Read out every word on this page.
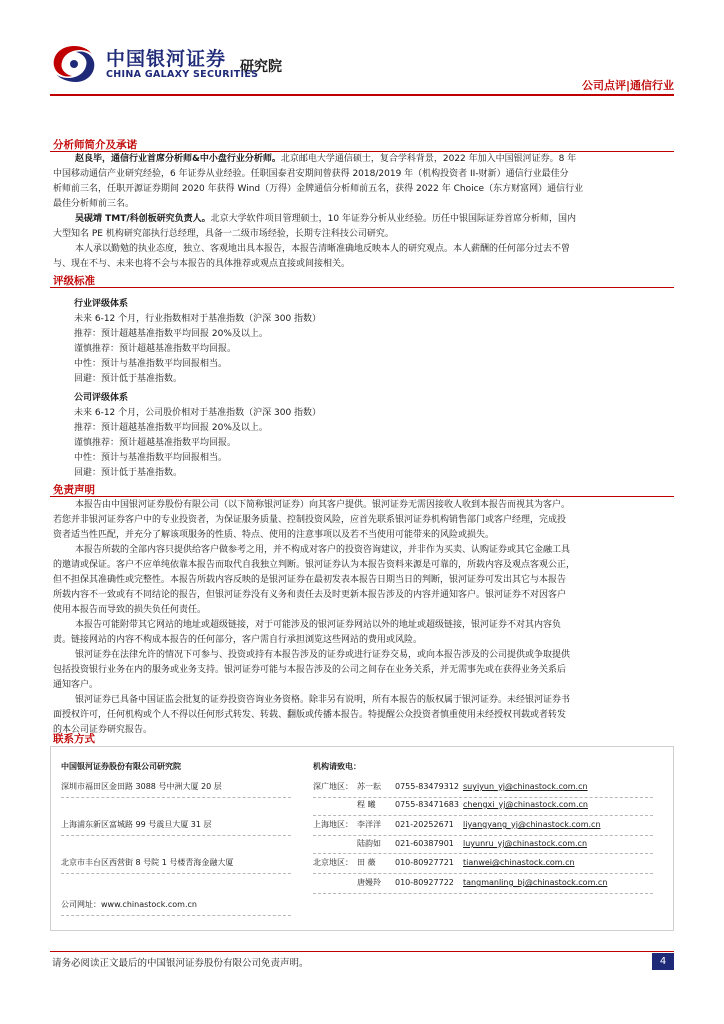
中国银河证券
CHINA GALAXY SECURITIES
研究院
公司点评|通信行业
分析师简介及承诺
赵良毕，通信行业首席分析师&中小盘行业分析师。北京邮电大学通信硕士，复合学科背景，2022 年加入中国银河证券。8 年
中国移动通信产业研究经验，6 年证券从业经验。任职国泰君安期间曾获得 2018/2019 年（机构投资者 II-财新）通信行业最佳分
析师前三名，任职开源证券期间 2020 年获得 Wind（万得）金牌通信分析师前五名，获得 2022 年 Choice（东方财富网）通信行业
最佳分析师前三名。
吴砚靖 TMT/科创板研究负责人。北京大学软件项目管理硕士，10 年证券分析从业经验。历任中银国际证券首席分析师，国内
大型知名 PE 机构研究部执行总经理，具备一二级市场经验，长期专注科技公司研究。
本人承以勤勉的执业态度，独立、客观地出具本报告，本报告清晰准确地反映本人的研究观点。本人薪酬的任何部分过去不曾
与、现在不与、未来也将不会与本报告的具体推荐或观点直接或间接相关。
评级标准
行业评级体系
未来 6-12 个月，行业指数相对于基准指数（沪深 300 指数）
推荐：预计超越基准指数平均回报 20%及以上。
谨慎推荐：预计超越基准指数平均回报。
中性：预计与基准指数平均回报相当。
回避：预计低于基准指数。
公司评级体系
未来 6-12 个月，公司股价相对于基准指数（沪深 300 指数）
推荐：预计超越基准指数平均回报 20%及以上。
谨慎推荐：预计超越基准指数平均回报。
中性：预计与基准指数平均回报相当。
回避：预计低于基准指数。
免责声明
本报告由中国银河证券股份有限公司（以下简称银河证券）向其客户提供。银河证券无需因接收人收到本报告而视其为客户。
若您并非银河证券客户中的专业投资者，为保证服务质量、控制投资风险，应首先联系银河证券机构销售部门或客户经理，完成投
资者适当性匹配，并充分了解该项服务的性质、特点、使用的注意事项以及若不当使用可能带来的风险或损失。
本报告所载的全部内容只提供给客户做参考之用，并不构成对客户的投资咨询建议，并非作为买卖、认购证券或其它金融工具
的邀请或保证。客户不应单纯依靠本报告而取代自我独立判断。银河证券认为本报告资料来源是可靠的，所载内容及观点客观公正，
但不担保其准确性或完整性。本报告所载内容反映的是银河证券在最初发表本报告日期当日的判断，银河证券可发出其它与本报告
所载内容不一致或有不同结论的报告，但银河证券没有义务和责任去及时更新本报告涉及的内容并通知客户。银河证券不对因客户
使用本报告而导致的损失负任何责任。
本报告可能附带其它网站的地址或超级链接，对于可能涉及的银河证券网站以外的地址或超级链接，银河证券不对其内容负
责。链接网站的内容不构成本报告的任何部分，客户需自行承担浏览这些网站的费用或风险。
银河证券在法律允许的情况下可参与、投资或持有本报告涉及的证券或进行证券交易，或向本报告涉及的公司提供或争取提供
包括投资银行业务在内的服务或业务支持。银河证券可能与本报告涉及的公司之间存在业务关系，并无需事先或在获得业务关系后
通知客户。
银河证券已具备中国证监会批复的证券投资咨询业务资格。除非另有说明，所有本报告的版权属于银河证券。未经银河证券书
面授权许可，任何机构或个人不得以任何形式转发、转载、翻版或传播本报告。特提醒公众投资者慎重使用未经授权刊载或者转发
的本公司证券研究报告。
联系方式
中国银河证券股份有限公司研究院	机构请致电：
深圳市福田区金田路 3088 号中洲大厦 20 层	深广地区： 苏一耘 0755-83479312 suyiyun_yj@chinastock.com.cn
程 曦 0755-83471683 chengxi_yj@chinastock.com.cn
上海浦东新区富城路 99 号震旦大厦 31 层	上海地区： 李洋洋 021-20252671 liyangyang_yj@chinastock.com.cn
陆韵如 021-60387901 luyunru_yj@chinastock.com.cn
北京市丰台区西营街 8 号院 1 号楼青海金融大厦	北京地区： 田 薇 010-80927721 tianwei@chinastock.com.cn
唐嫚羚 010-80927722 tangmanling_bj@chinastock.com.cn
公司网址：www.chinastock.com.cn
请务必阅读正文最后的中国银河证券股份有限公司免责声明。	4
